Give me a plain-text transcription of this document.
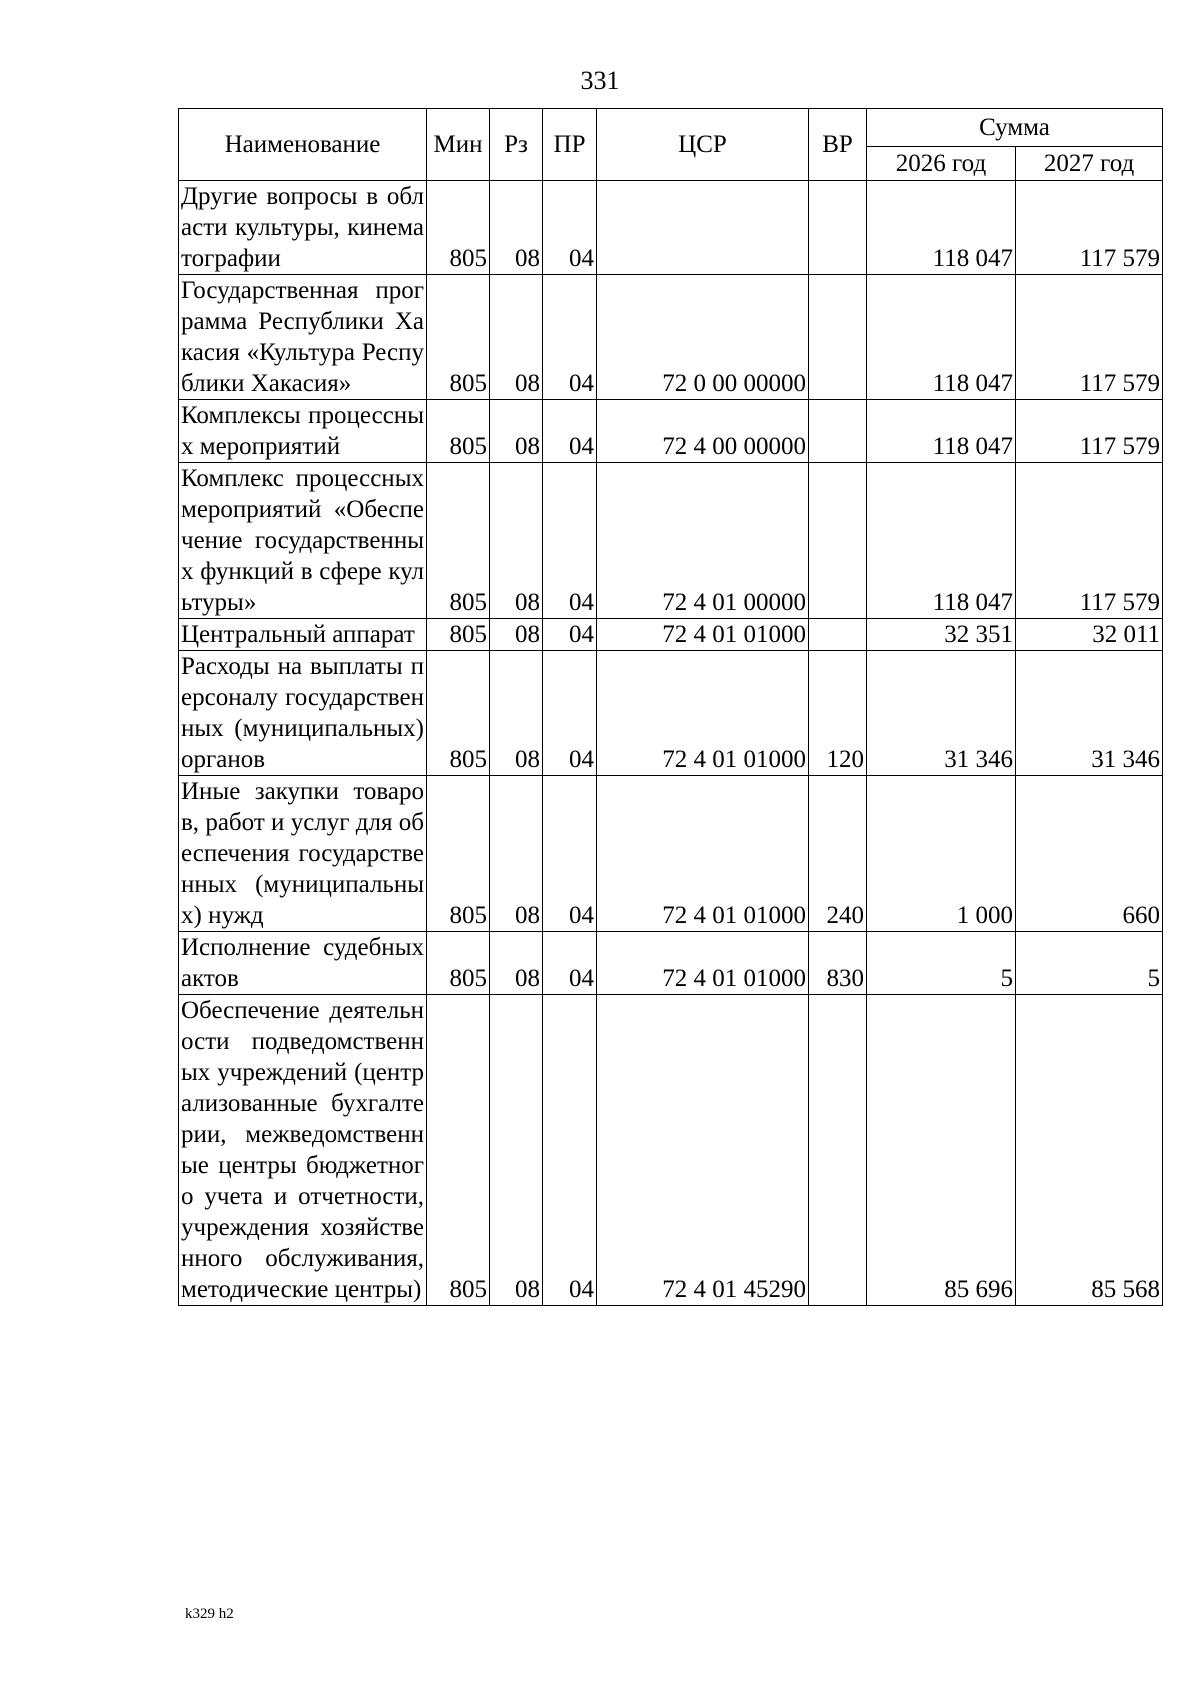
331
Наименование	Мин	Рз	ПР	ЦСР	ВР	Сумма	
						2026 год	2027 год
Другие вопросы в области культуры, кинематографии	805	08	04			118 047	117 579
Государственная программа Республики Хакасия «Культура Республики Хакасия»	805	08	04	72 0 00 00000		118 047	117 579
Комплексы процессных мероприятий	805	08	04	72 4 00 00000		118 047	117 579
Комплекс процессных мероприятий «Обеспечение государственных функций в сфере культуры»	805	08	04	72 4 01 00000		118 047	117 579
Центральный аппарат	805	08	04	72 4 01 01000		32 351	32 011
Расходы на выплаты персоналу государственных (муниципальных) органов	805	08	04	72 4 01 01000	120	31 346	31 346
Иные закупки товаров, работ и услуг для обеспечения государственных (муниципальных) нужд	805	08	04	72 4 01 01000	240	1 000	660
Исполнение судебных актов	805	08	04	72 4 01 01000	830	5	5
Обеспечение деятельности подведомственных учреждений (централизованные бухгалтерии, межведомственные центры бюджетного учета и отчетности, учреждения хозяйственного обслуживания, методические центры)	805	08	04	72 4 01 45290		85 696	85 568
k329 h2
